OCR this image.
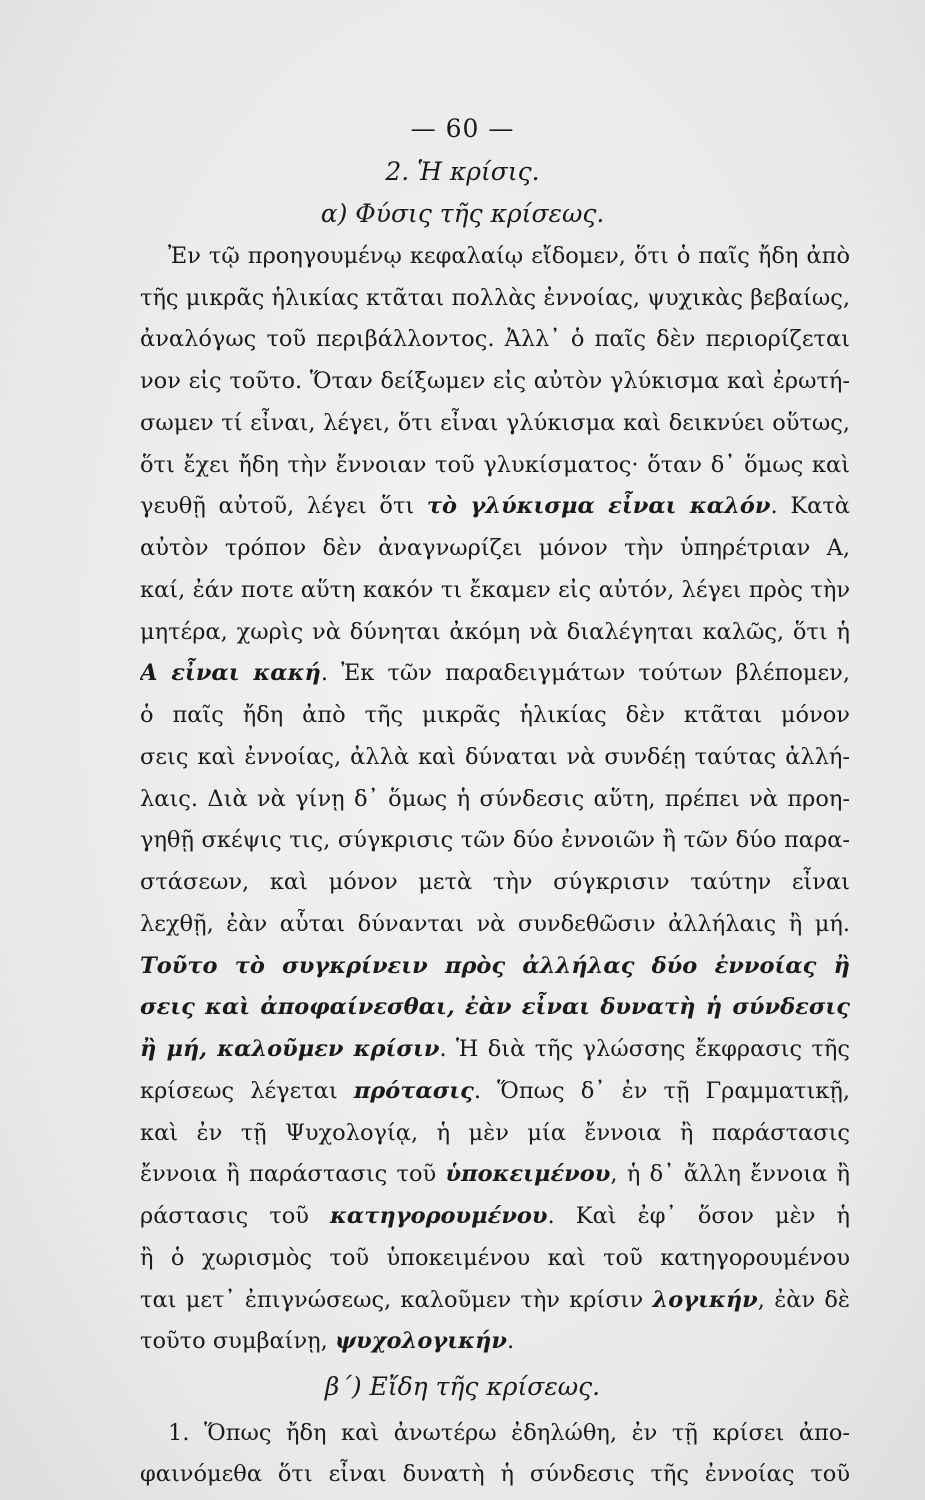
— 60 —
2. Ἡ κρίσις.
α) Φύσις τῆς κρίσεως.
Ἐν τῷ προηγουμένῳ κεφαλαίῳ εἴδομεν, ὅτι ὁ παῖς ἤδη ἀπὸ
τῆς μικρᾶς ἡλικίας κτᾶται πολλὰς ἐννοίας, ψυχικὰς βεβαίως,
ἀναλόγως τοῦ περιβάλλοντος. Ἀλλ᾽ ὁ παῖς δὲν περιορίζεται
νον εἰς τοῦτο. Ὅταν δείξωμεν εἰς αὐτὸν γλύκισμα καὶ ἐρωτή-
σωμεν τί εἶναι, λέγει, ὅτι εἶναι γλύκισμα καὶ δεικνύει οὕτως,
ὅτι ἔχει ἤδη τὴν ἔννοιαν τοῦ γλυκίσματος· ὅταν δ᾽ ὅμως καὶ
γευθῇ αὐτοῦ, λέγει ὅτι τὸ γλύκισμα εἶναι καλόν. Κατὰ
αὐτὸν τρόπον δὲν ἀναγνωρίζει μόνον τὴν ὑπηρέτριαν Α,
καί, ἐάν ποτε αὕτη κακόν τι ἔκαμεν εἰς αὐτόν, λέγει πρὸς τὴν
μητέρα, χωρὶς νὰ δύνηται ἀκόμη νὰ διαλέγηται καλῶς, ὅτι ἡ
Α εἶναι κακή. Ἐκ τῶν παραδειγμάτων τούτων βλέπομεν,
ὁ παῖς ἤδη ἀπὸ τῆς μικρᾶς ἡλικίας δὲν κτᾶται μόνον
σεις καὶ ἐννοίας, ἀλλὰ καὶ δύναται νὰ συνδέῃ ταύτας ἀλλή-
λαις. Διὰ νὰ γίνῃ δ᾽ ὅμως ἡ σύνδεσις αὕτη, πρέπει νὰ προη-
γηθῇ σκέψις τις, σύγκρισις τῶν δύο ἐννοιῶν ἢ τῶν δύο παρα-
στάσεων, καὶ μόνον μετὰ τὴν σύγκρισιν ταύτην εἶναι
λεχθῇ, ἐὰν αὗται δύνανται νὰ συνδεθῶσιν ἀλλήλαις ἢ μή.
Τοῦτο τὸ συγκρίνειν πρὸς ἀλλήλας δύο ἐννοίας ἢ
σεις καὶ ἀποφαίνεσθαι, ἐὰν εἶναι δυνατὴ ἡ σύνδεσις
ἢ μή, καλοῦμεν κρίσιν. Ἡ διὰ τῆς γλώσσης ἔκφρασις τῆς
κρίσεως λέγεται πρότασις. Ὅπως δ᾽ ἐν τῇ Γραμματικῇ,
καὶ ἐν τῇ Ψυχολογίᾳ, ἡ μὲν μία ἔννοια ἢ παράστασις
ἔννοια ἢ παράστασις τοῦ ὑποκειμένου, ἡ δ᾽ ἄλλη ἔννοια ἢ
ράστασις τοῦ κατηγορουμένου. Καὶ ἐφ᾽ ὅσον μὲν ἡ
ἢ ὁ χωρισμὸς τοῦ ὑποκειμένου καὶ τοῦ κατηγορουμένου
ται μετ᾽ ἐπιγνώσεως, καλοῦμεν τὴν κρίσιν λογικήν, ἐὰν δὲ
τοῦτο συμβαίνῃ, ψυχολογικήν.
β΄) Εἴδη τῆς κρίσεως.
1. Ὅπως ἤδη καὶ ἀνωτέρω ἐδηλώθη, ἐν τῇ κρίσει ἀπο-
φαινόμεθα ὅτι εἶναι δυνατὴ ἡ σύνδεσις τῆς ἐννοίας τοῦ
